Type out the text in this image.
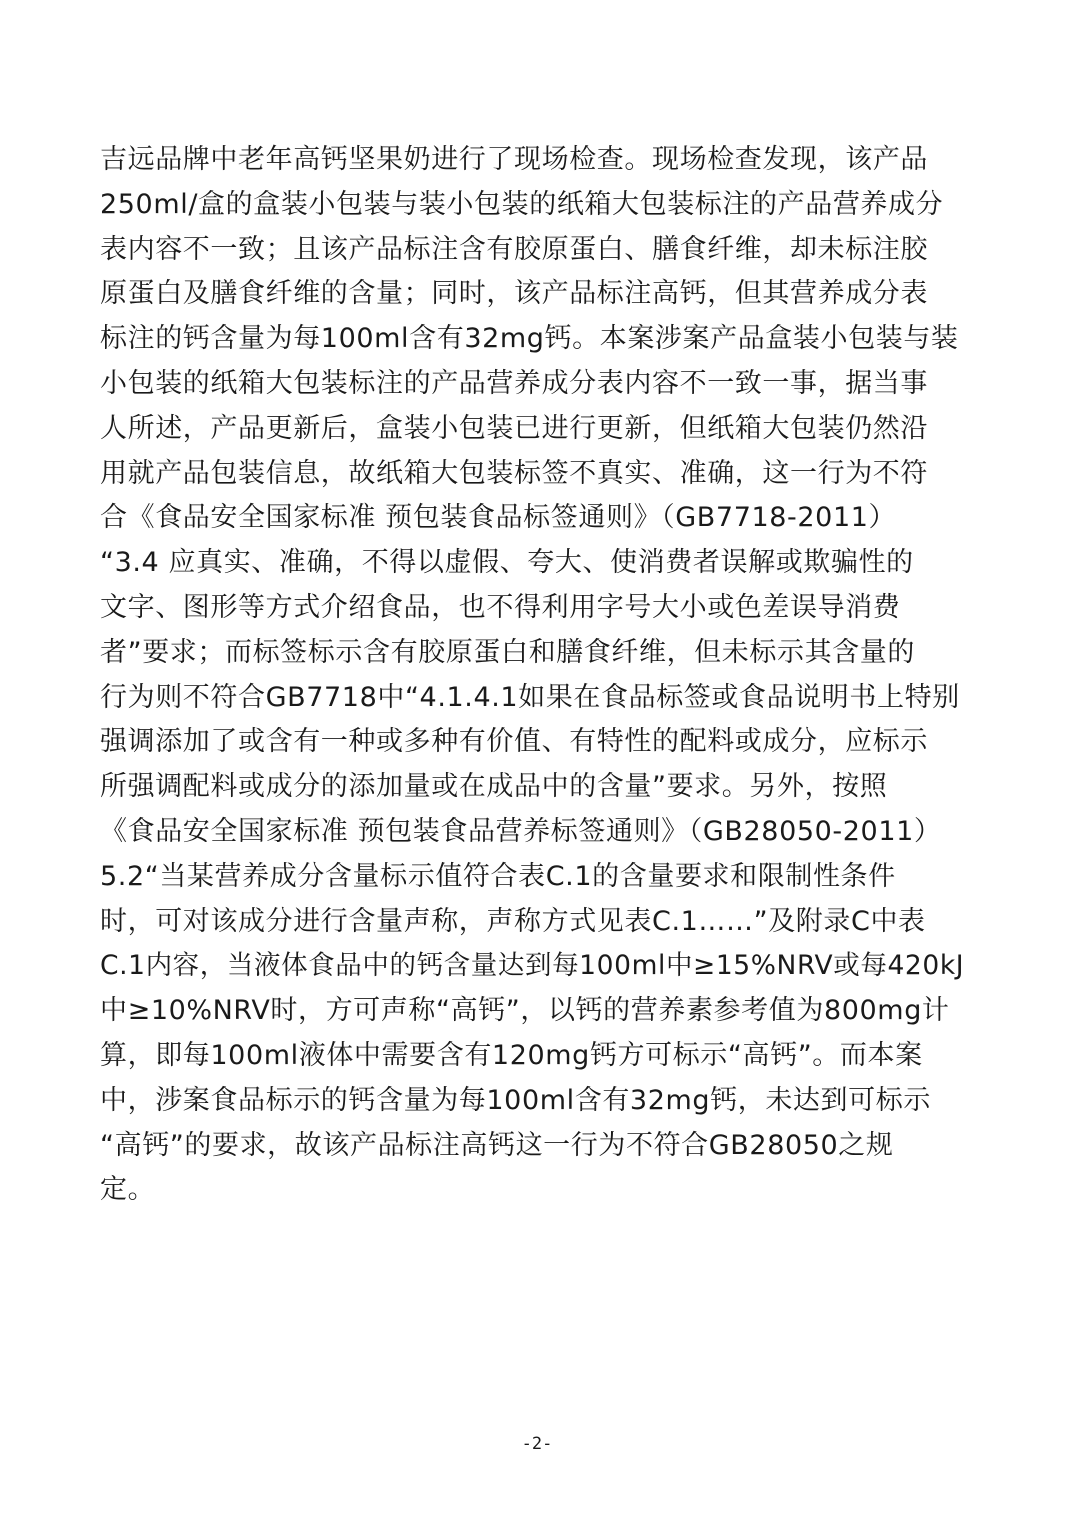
吉远品牌中老年高钙坚果奶进行了现场检查。现场检查发现，该产品
250ml/盒的盒装小包装与装小包装的纸箱大包装标注的产品营养成分
表内容不一致；且该产品标注含有胶原蛋白、膳食纤维，却未标注胶
原蛋白及膳食纤维的含量；同时，该产品标注高钙，但其营养成分表
标注的钙含量为每100ml含有32mg钙。本案涉案产品盒装小包装与装
小包装的纸箱大包装标注的产品营养成分表内容不一致一事，据当事
人所述，产品更新后，盒装小包装已进行更新，但纸箱大包装仍然沿
用就产品包装信息，故纸箱大包装标签不真实、准确，这一行为不符
合《食品安全国家标准 预包装食品标签通则》（GB7718-2011）
“3.4 应真实、准确，不得以虚假、夸大、使消费者误解或欺骗性的
文字、图形等方式介绍食品，也不得利用字号大小或色差误导消费
者”要求；而标签标示含有胶原蛋白和膳食纤维，但未标示其含量的
行为则不符合GB7718中“4.1.4.1如果在食品标签或食品说明书上特别
强调添加了或含有一种或多种有价值、有特性的配料或成分，应标示
所强调配料或成分的添加量或在成品中的含量”要求。另外，按照
《食品安全国家标准 预包装食品营养标签通则》（GB28050-2011）
5.2“当某营养成分含量标示值符合表C.1的含量要求和限制性条件
时，可对该成分进行含量声称，声称方式见表C.1……”及附录C中表
C.1内容，当液体食品中的钙含量达到每100ml中≥15%NRV或每420kJ
中≥10%NRV时，方可声称“高钙”，以钙的营养素参考值为800mg计
算，即每100ml液体中需要含有120mg钙方可标示“高钙”。而本案
中，涉案食品标示的钙含量为每100ml含有32mg钙，未达到可标示
“高钙”的要求，故该产品标注高钙这一行为不符合GB28050之规
定。
-2-
